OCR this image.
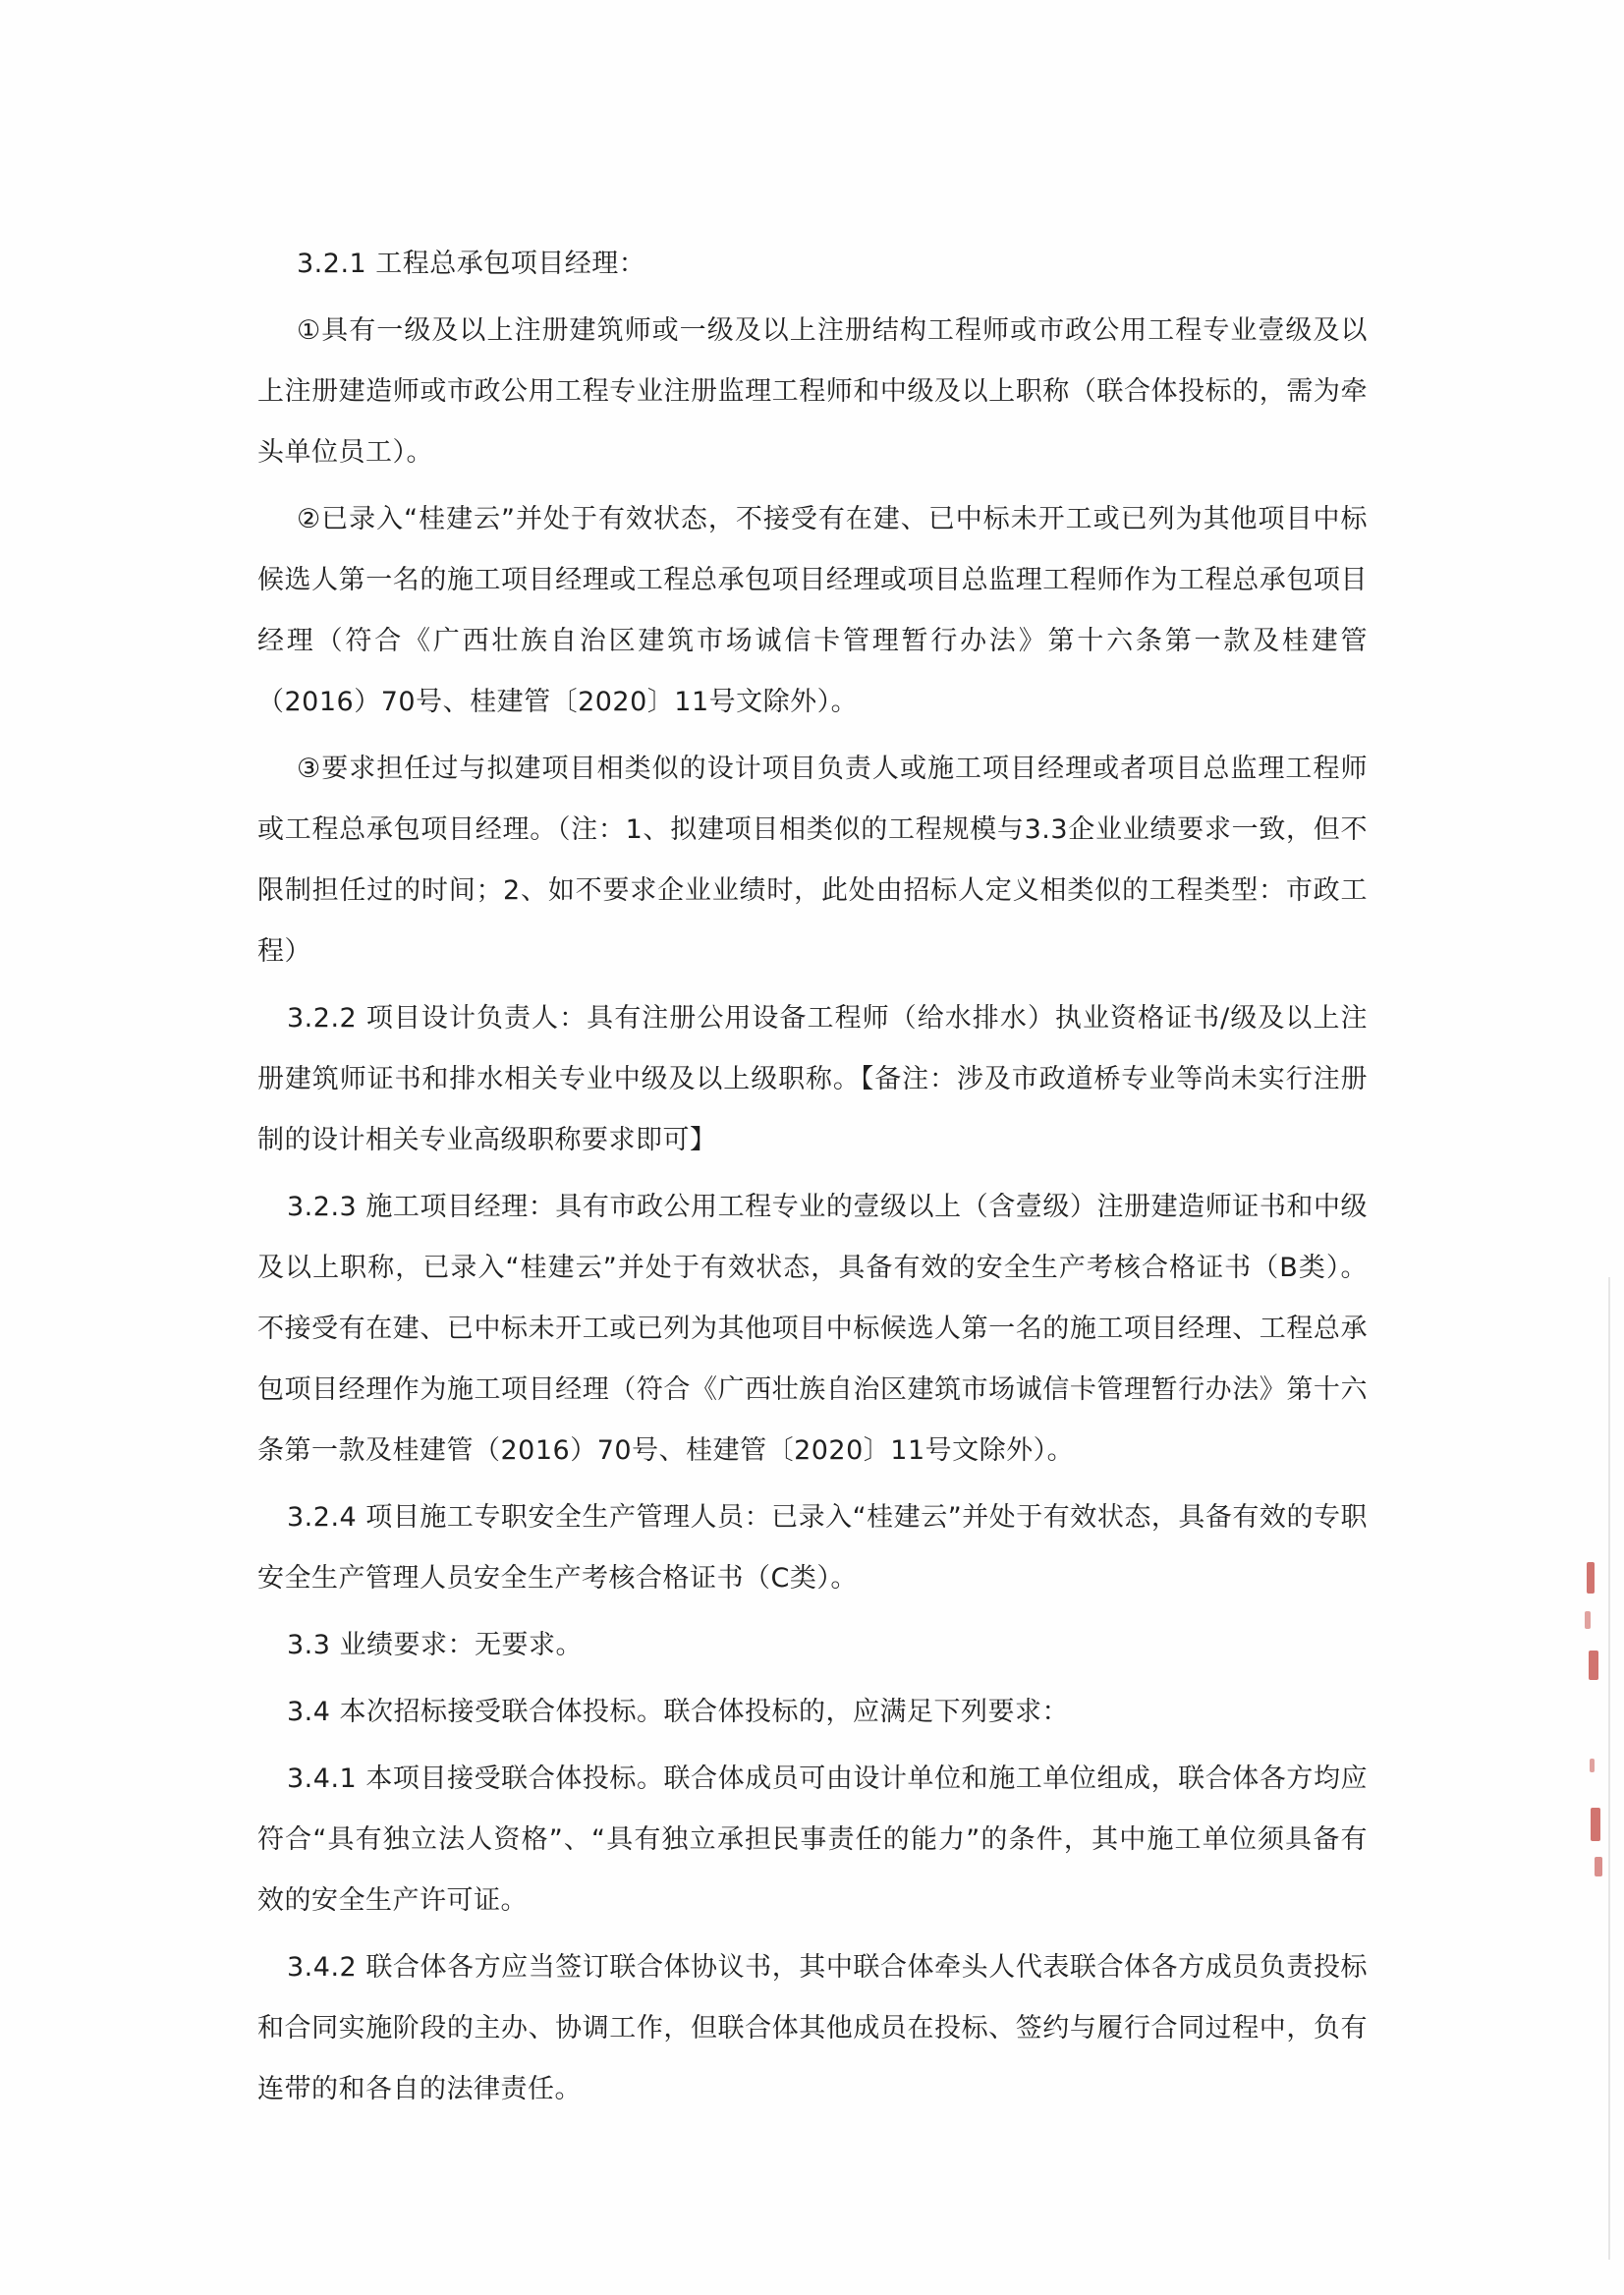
3.2.1 工程总承包项目经理：

①具有一级及以上注册建筑师或一级及以上注册结构工程师或市政公用工程专业壹级及以上注册建造师或市政公用工程专业注册监理工程师和中级及以上职称（联合体投标的，需为牵头单位员工）。

②已录入“桂建云”并处于有效状态，不接受有在建、已中标未开工或已列为其他项目中标候选人第一名的施工项目经理或工程总承包项目经理或项目总监理工程师作为工程总承包项目经理（符合《广西壮族自治区建筑市场诚信卡管理暂行办法》第十六条第一款及桂建管（2016）70号、桂建管〔2020〕11号文除外）。

③要求担任过与拟建项目相类似的设计项目负责人或施工项目经理或者项目总监理工程师或工程总承包项目经理。（注：1、拟建项目相类似的工程规模与3.3企业业绩要求一致，但不限制担任过的时间；2、如不要求企业业绩时，此处由招标人定义相类似的工程类型：市政工程）

3.2.2 项目设计负责人：具有注册公用设备工程师（给水排水）执业资格证书/级及以上注册建筑师证书和排水相关专业中级及以上级职称。【备注：涉及市政道桥专业等尚未实行注册制的设计相关专业高级职称要求即可】

3.2.3 施工项目经理：具有市政公用工程专业的壹级以上（含壹级）注册建造师证书和中级及以上职称，已录入“桂建云”并处于有效状态，具备有效的安全生产考核合格证书（B类）。不接受有在建、已中标未开工或已列为其他项目中标候选人第一名的施工项目经理、工程总承包项目经理作为施工项目经理（符合《广西壮族自治区建筑市场诚信卡管理暂行办法》第十六条第一款及桂建管（2016）70号、桂建管〔2020〕11号文除外）。

3.2.4 项目施工专职安全生产管理人员：已录入“桂建云”并处于有效状态，具备有效的专职安全生产管理人员安全生产考核合格证书（C类）。

3.3 业绩要求：无要求。

3.4 本次招标接受联合体投标。联合体投标的，应满足下列要求：

3.4.1 本项目接受联合体投标。联合体成员可由设计单位和施工单位组成，联合体各方均应符合“具有独立法人资格”、“具有独立承担民事责任的能力”的条件，其中施工单位须具备有效的安全生产许可证。

3.4.2 联合体各方应当签订联合体协议书，其中联合体牵头人代表联合体各方成员负责投标和合同实施阶段的主办、协调工作，但联合体其他成员在投标、签约与履行合同过程中，负有连带的和各自的法律责任。
